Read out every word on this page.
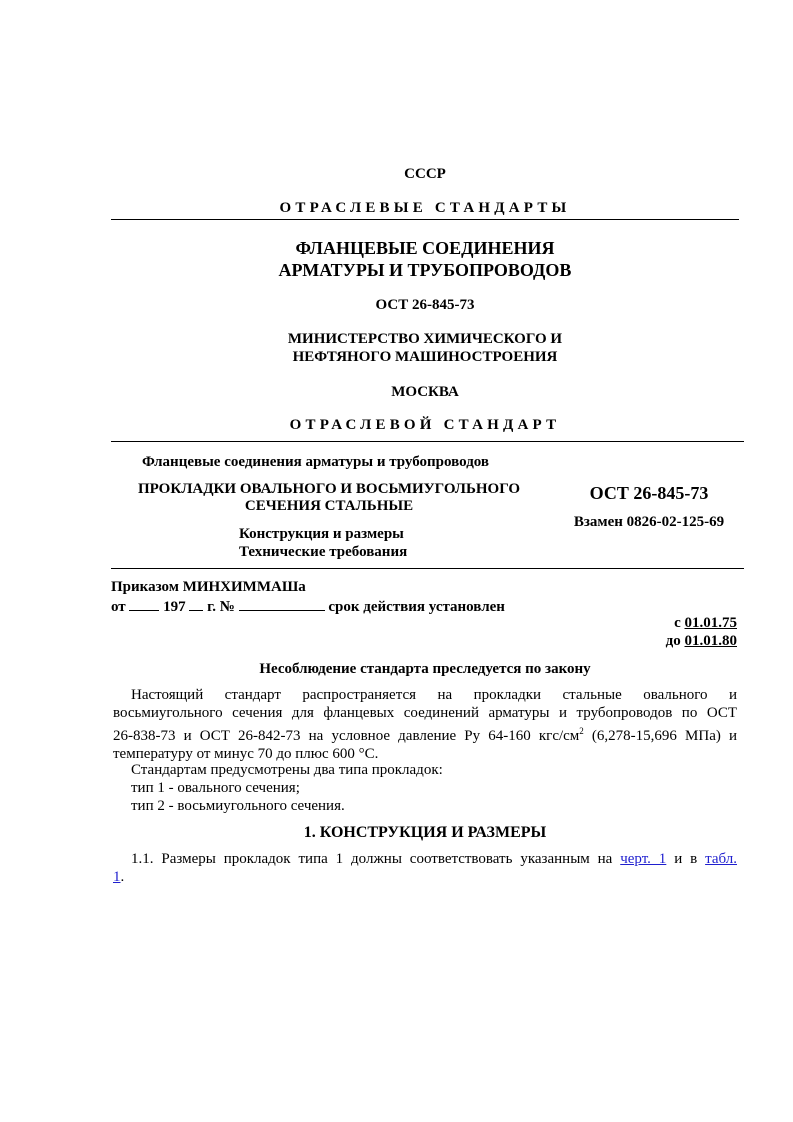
СССР
ОТРАСЛЕВЫЕ СТАНДАРТЫ
ФЛАНЦЕВЫЕ СОЕДИНЕНИЯ
АРМАТУРЫ И ТРУБОПРОВОДОВ
ОСТ 26-845-73
МИНИСТЕРСТВО ХИМИЧЕСКОГО И
НЕФТЯНОГО МАШИНОСТРОЕНИЯ
МОСКВА
ОТРАСЛЕВОЙ СТАНДАРТ
Фланцевые соединения арматуры и трубопроводов
ПРОКЛАДКИ ОВАЛЬНОГО И ВОСЬМИУГОЛЬНОГО
СЕЧЕНИЯ СТАЛЬНЫЕ
Конструкция и размеры
Технические требования
ОСТ 26-845-73
Взамен 0826-02-125-69
Приказом МИНХИММАШа
от	197 г. №	срок действия установлен
с 01.01.75
до 01.01.80
Несоблюдение стандарта преследуется по закону
Настоящий стандарт распространяется на прокладки стальные овального и
восьмиугольного сечения для фланцевых соединений арматуры и трубопроводов по ОСТ
26-838-73 и ОСТ 26-842-73 на условное давление Ру 64-160 кгс/$см^2$ (6,278-15,696 МПа) и
температуру от минус 70 до плюс 600 °С.
Стандартам предусмотрены два типа прокладок:
тип 1 - овального сечения;
тип 2 - восьмиугольного сечения.
1. КОНСТРУКЦИЯ И РАЗМЕРЫ
1.1. Размеры прокладок типа 1 должны соответствовать указанным на черт. 1 и в табл.
1.
